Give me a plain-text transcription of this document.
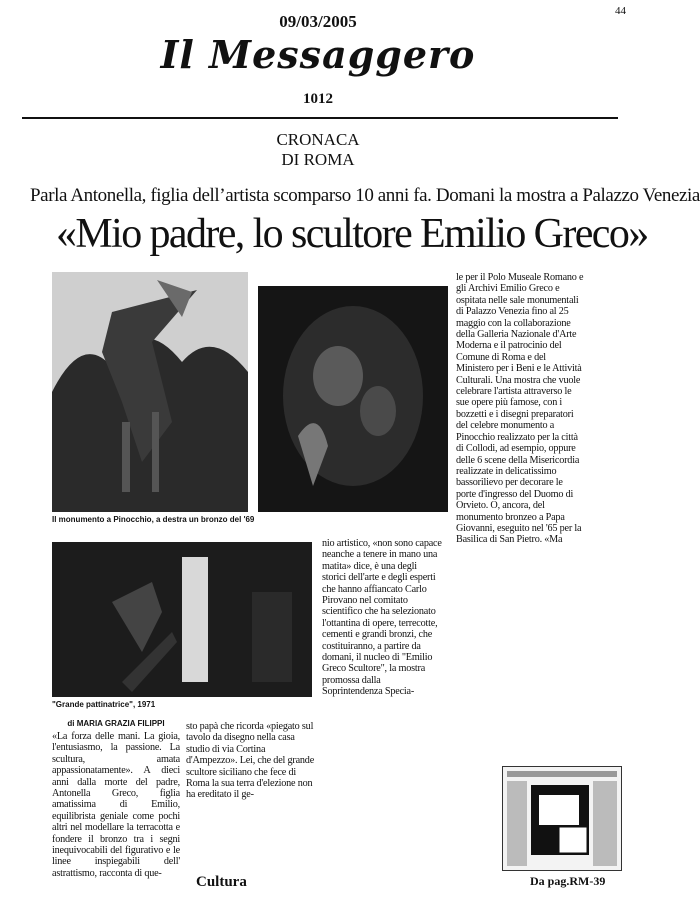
44
09/03/2005
Il Messaggero
1012
CRONACA
DI ROMA
Parla Antonella, figlia dell’artista scomparso 10 anni fa. Domani la mostra a Palazzo Venezia
«Mio padre, lo scultore Emilio Greco»
Il monumento a Pinocchio, a destra un bronzo del '69
"Grande pattinatrice", 1971
di MARIA GRAZIA FILIPPI

«La forza delle mani. La gioia, l'entusiasmo, la passione. La scultura, amata appassionatamente». A dieci anni dalla morte del padre, Antonella Greco, figlia amatissima di Emilio, equilibrista geniale come pochi altri nel modellare la terracotta e fondere il bronzo tra i segni inequivocabili del figurativo e le linee inspiegabili dell' astrattismo, racconta di que-

sto papà che ricorda «piegato sul tavolo da disegno nella casa studio di via Cortina d'Ampezzo». Lei, che del grande scultore siciliano che fece di Roma la sua terra d'elezione non ha ereditato il ge-

nio artistico, «non sono capace neanche a tenere in mano una matita» dice, è una degli storici dell'arte e degli esperti che hanno affiancato Carlo Pirovano nel comitato scientifico che ha selezionato l'ottantina di opere, terrecotte, cementi e grandi bronzi, che costituiranno, a partire da domani, il nucleo di "Emilio Greco Scultore", la mostra promossa dalla Soprintendenza Specia-

le per il Polo Museale Romano e gli Archivi Emilio Greco e ospitata nelle sale monumentali di Palazzo Venezia fino al 25 maggio con la collaborazione della Galleria Nazionale d'Arte Moderna e il patrocinio del Comune di Roma e del Ministero per i Beni e le Attività Culturali. Una mostra che vuole celebrare l'artista attraverso le sue opere più famose, con i bozzetti e i disegni preparatori del celebre monumento a Pinocchio realizzato per la città di Collodi, ad esempio, oppure delle 6 scene della Misericordia realizzate in delicatissimo bassorilievo per decorare le porte d'ingresso del Duomo di Orvieto. O, ancora, del monumento bronzeo a Papa Giovanni, eseguito nel '65 per la Basilica di San Pietro. «Ma

Cultura	Da pag.RM-39
